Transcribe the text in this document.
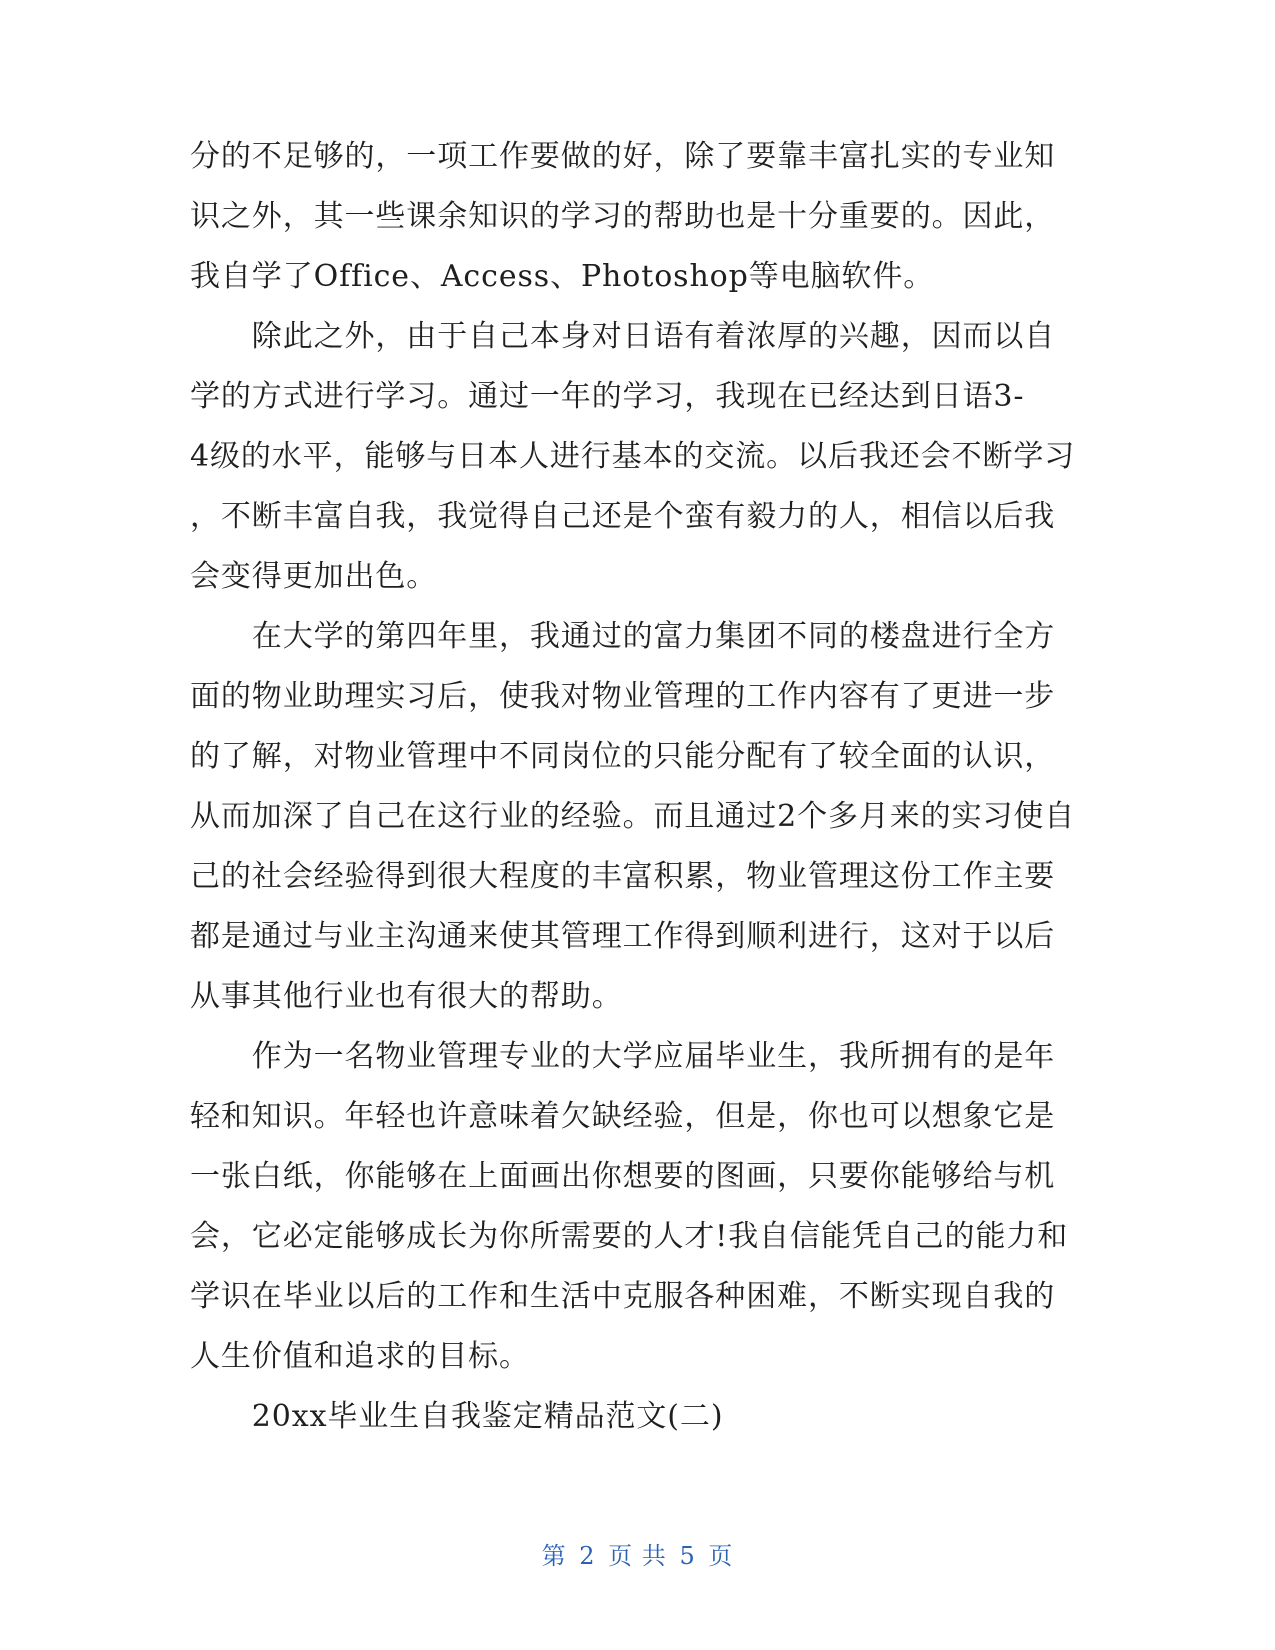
分的不足够的，一项工作要做的好，除了要靠丰富扎实的专业知
识之外，其一些课余知识的学习的帮助也是十分重要的。因此，
我自学了Office、Access、Photoshop等电脑软件。
　　除此之外，由于自己本身对日语有着浓厚的兴趣，因而以自
学的方式进行学习。通过一年的学习，我现在已经达到日语3-
4级的水平，能够与日本人进行基本的交流。以后我还会不断学习
，不断丰富自我，我觉得自己还是个蛮有毅力的人，相信以后我
会变得更加出色。
　　在大学的第四年里，我通过的富力集团不同的楼盘进行全方
面的物业助理实习后，使我对物业管理的工作内容有了更进一步
的了解，对物业管理中不同岗位的只能分配有了较全面的认识，
从而加深了自己在这行业的经验。而且通过2个多月来的实习使自
己的社会经验得到很大程度的丰富积累，物业管理这份工作主要
都是通过与业主沟通来使其管理工作得到顺利进行，这对于以后
从事其他行业也有很大的帮助。
　　作为一名物业管理专业的大学应届毕业生，我所拥有的是年
轻和知识。年轻也许意味着欠缺经验，但是，你也可以想象它是
一张白纸，你能够在上面画出你想要的图画，只要你能够给与机
会，它必定能够成长为你所需要的人才!我自信能凭自己的能力和
学识在毕业以后的工作和生活中克服各种困难，不断实现自我的
人生价值和追求的目标。
　　20xx毕业生自我鉴定精品范文(二)
第 2 页 共 5 页
